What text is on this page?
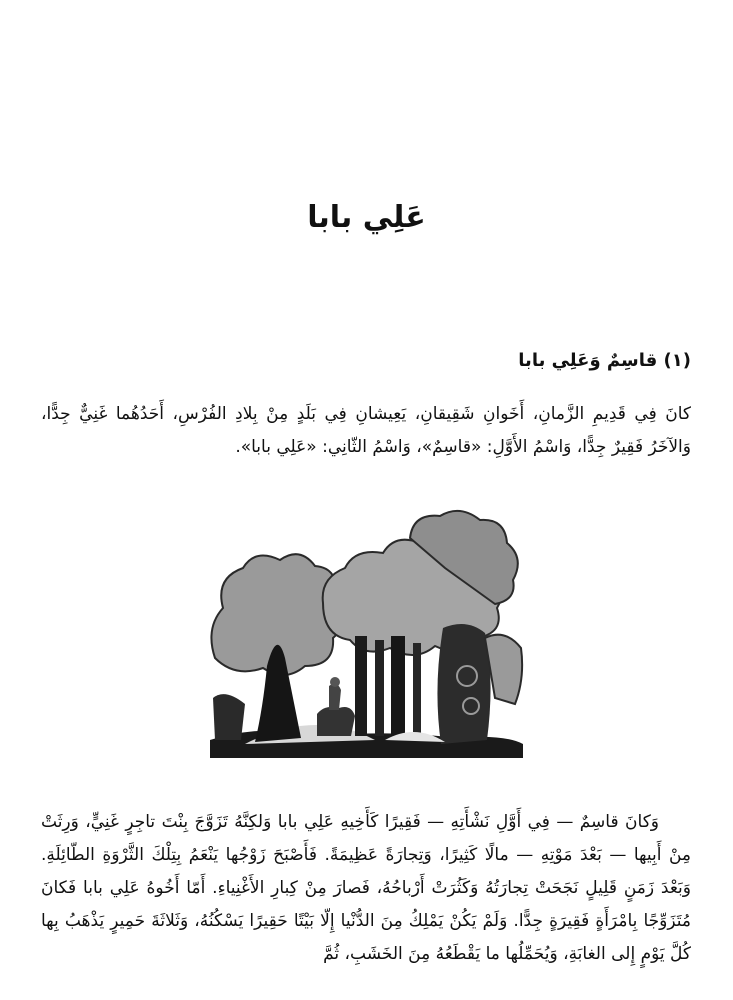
عَلِي بابا
(١) قاسِمٌ وَعَلِي بابا

كانَ فِي قَدِيمِ الزَّمانِ، أَخَوانِ شَقِيقانِ، يَعِيشانِ فِي بَلَدٍ مِنْ بِلادِ الفُرْسِ، أَحَدُهُما غَنِيٌّ جِدًّا، وَالآخَرُ فَقِيرٌ جِدًّا، وَاسْمُ الأَوَّلِ: «قاسِمٌ»، وَاسْمُ الثّانِي: «عَلِي بابا».

وَكانَ قاسِمٌ — فِي أَوَّلِ نَشْأَتِهِ — فَقِيرًا كَأَخِيهِ عَلِي بابا وَلكِنَّهُ تَزَوَّجَ بِنْتَ تاجِرٍ غَنِيٍّ، وَرِثَتْ مِنْ أَبِيها — بَعْدَ مَوْتِهِ — مالًا كَثِيرًا، وَتِجارَةً عَظِيمَةً. فَأَصْبَحَ زَوْجُها يَنْعَمُ بِتِلْكَ الثَّرْوَةِ الطّائِلَةِ. وَبَعْدَ زَمَنٍ قَلِيلٍ نَجَحَتْ تِجارَتُهُ وَكَثُرَتْ أَرْباحُهُ، فَصارَ مِنْ كِبارِ الأَغْنِياءِ. أَمّا أَخُوهُ عَلِي بابا فَكانَ مُتَزَوِّجًا بِامْرَأَةٍ فَقِيرَةٍ جِدًّا. وَلَمْ يَكُنْ يَمْلِكُ مِنَ الدُّنْيا إِلّا بَيْتًا حَقِيرًا يَسْكُنُهُ، وَثَلاثَةَ حَمِيرٍ يَذْهَبُ بِها كُلَّ يَوْمٍ إِلى الغابَةِ، وَيُحَمِّلُها ما يَقْطَعُهُ مِنَ الخَشَبِ، ثُمَّ
